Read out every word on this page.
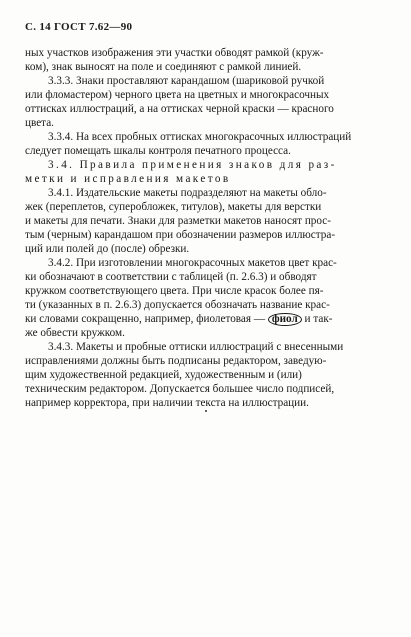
С. 14 ГОСТ 7.62—90
ных участков изображения эти участки обводят рамкой (круж-
ком), знак выносят на поле и соединяют с рамкой линией.
3.3.3. Знаки проставляют карандашом (шариковой ручкой
или фломастером) черного цвета на цветных и многокрасочных
оттисках иллюстраций, а на оттисках черной краски — красного
цвета.
3.3.4. На всех пробных оттисках многокрасочных иллюстраций
следует помещать шкалы контроля печатного процесса.
3.4. Правила применения знаков для раз-
метки и исправления макетов
3.4.1. Издательские макеты подразделяют на макеты обло-
жек (переплетов, суперобложек, титулов), макеты для верстки
и макеты для печати. Знаки для разметки макетов наносят прос-
тым (черным) карандашом при обозначении размеров иллюстра-
ций или полей до (после) обрезки.
3.4.2. При изготовлении многокрасочных макетов цвет крас-
ки обозначают в соответствии с таблицей (п. 2.6.3) и обводят
кружком соответствующего цвета. При числе красок более пя-
ти (указанных в п. 2.6.3) допускается обозначать название крас-
ки словами сокращенно, например, фиолетовая — фиол и так-
же обвести кружком.
3.4.3. Макеты и пробные оттиски иллюстраций с внесенными
исправлениями должны быть подписаны редактором, заведую-
щим художественной редакцией, художественным и (или)
техническим редактором. Допускается большее число подписей,
например корректора, при наличии текста на иллюстрации.
